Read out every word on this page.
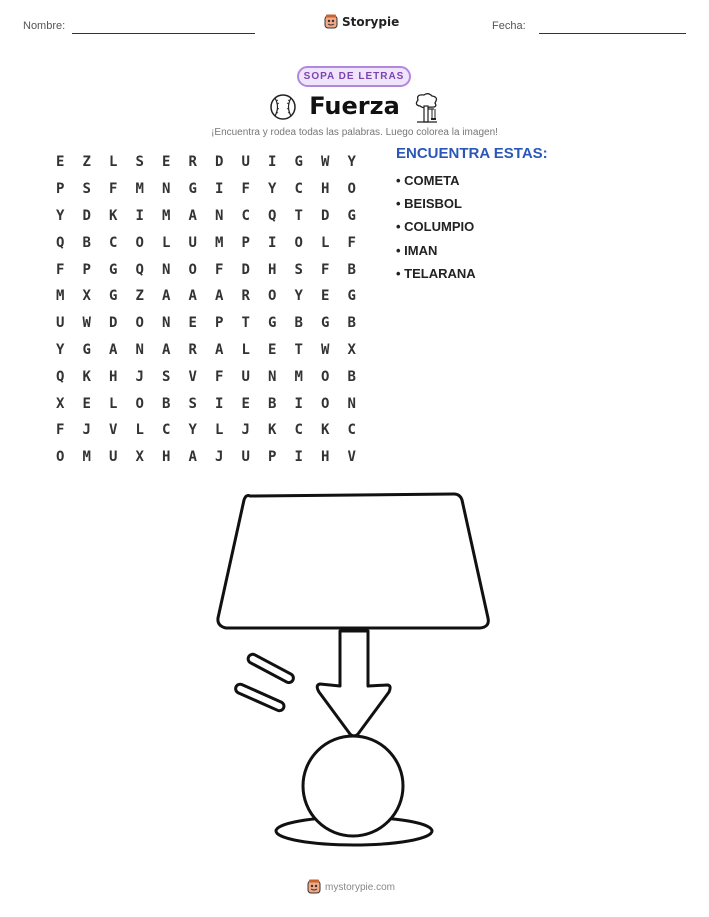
Nombre:	Storypie	Fecha:
SOPA DE LETRAS
Fuerza
¡Encuentra y rodea todas las palabras. Luego colorea la imagen!
E	Z	L	S	E	R	D	U	I	G	W	Y
P	S	F	M	N	G	I	F	Y	C	H	O
Y	D	K	I	M	A	N	C	Q	T	D	G
Q	B	C	O	L	U	M	P	I	O	L	F
F	P	G	Q	N	O	F	D	H	S	F	B
M	X	G	Z	A	A	A	R	O	Y	E	G
U	W	D	O	N	E	P	T	G	B	G	B
Y	G	A	N	A	R	A	L	E	T	W	X
Q	K	H	J	S	V	F	U	N	M	O	B
X	E	L	O	B	S	I	E	B	I	O	N
F	J	V	L	C	Y	L	J	K	C	K	C
O	M	U	X	H	A	J	U	P	I	H	V
ENCUENTRA ESTAS:
• COMETA
• BEISBOL
• COLUMPIO
• IMAN
• TELARANA
mystorypie.com
